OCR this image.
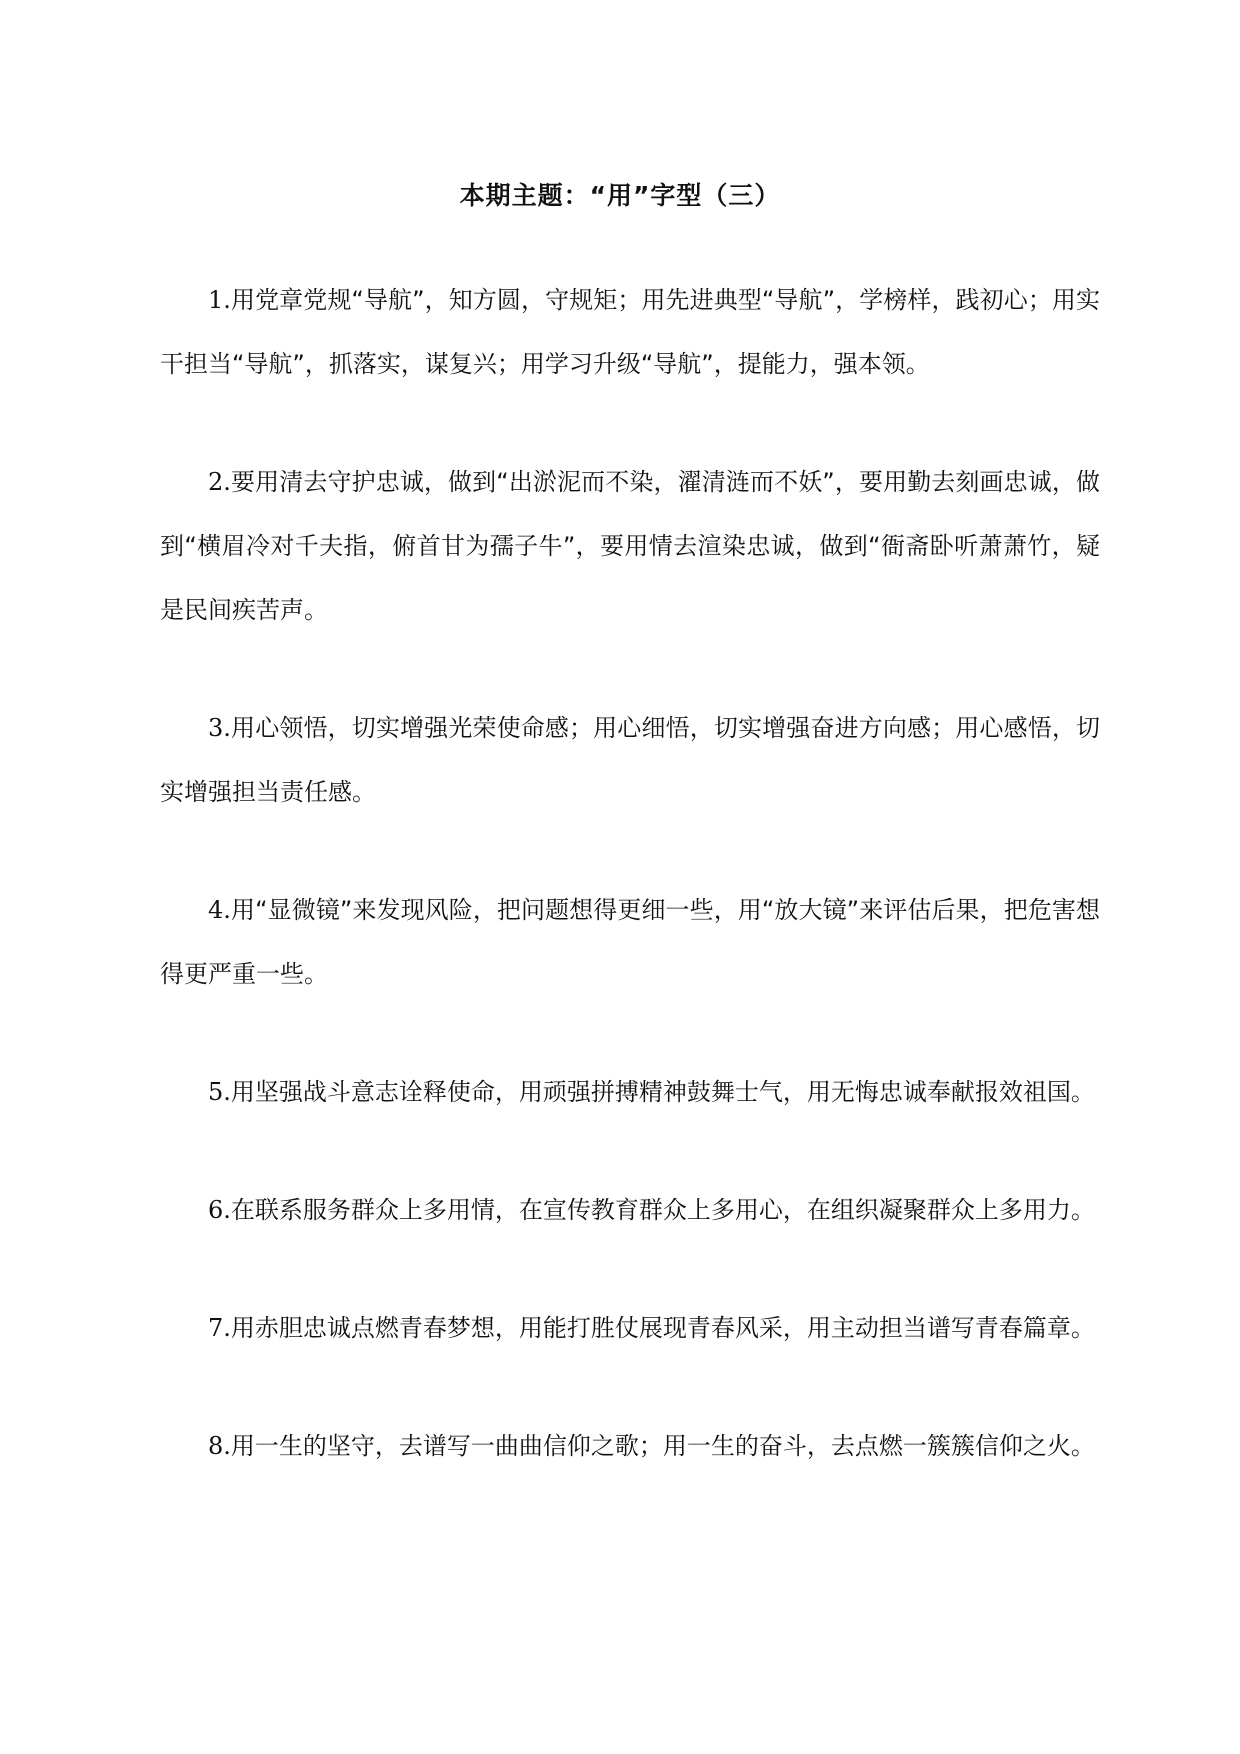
本期主题：“用”字型（三）

1.用党章党规“导航”，知方圆，守规矩；用先进典型“导航”，学榜样，践初心；用实干担当“导航”，抓落实，谋复兴；用学习升级“导航”，提能力，强本领。

2.要用清去守护忠诚，做到“出淤泥而不染，濯清涟而不妖”，要用勤去刻画忠诚，做到“横眉冷对千夫指，俯首甘为孺子牛”，要用情去渲染忠诚，做到“衙斋卧听萧萧竹，疑是民间疾苦声。

3.用心领悟，切实增强光荣使命感；用心细悟，切实增强奋进方向感；用心感悟，切实增强担当责任感。

4.用“显微镜”来发现风险，把问题想得更细一些，用“放大镜”来评估后果，把危害想得更严重一些。

5.用坚强战斗意志诠释使命，用顽强拼搏精神鼓舞士气，用无悔忠诚奉献报效祖国。

6.在联系服务群众上多用情，在宣传教育群众上多用心，在组织凝聚群众上多用力。

7.用赤胆忠诚点燃青春梦想，用能打胜仗展现青春风采，用主动担当谱写青春篇章。

8.用一生的坚守，去谱写一曲曲信仰之歌；用一生的奋斗，去点燃一簇簇信仰之火。
